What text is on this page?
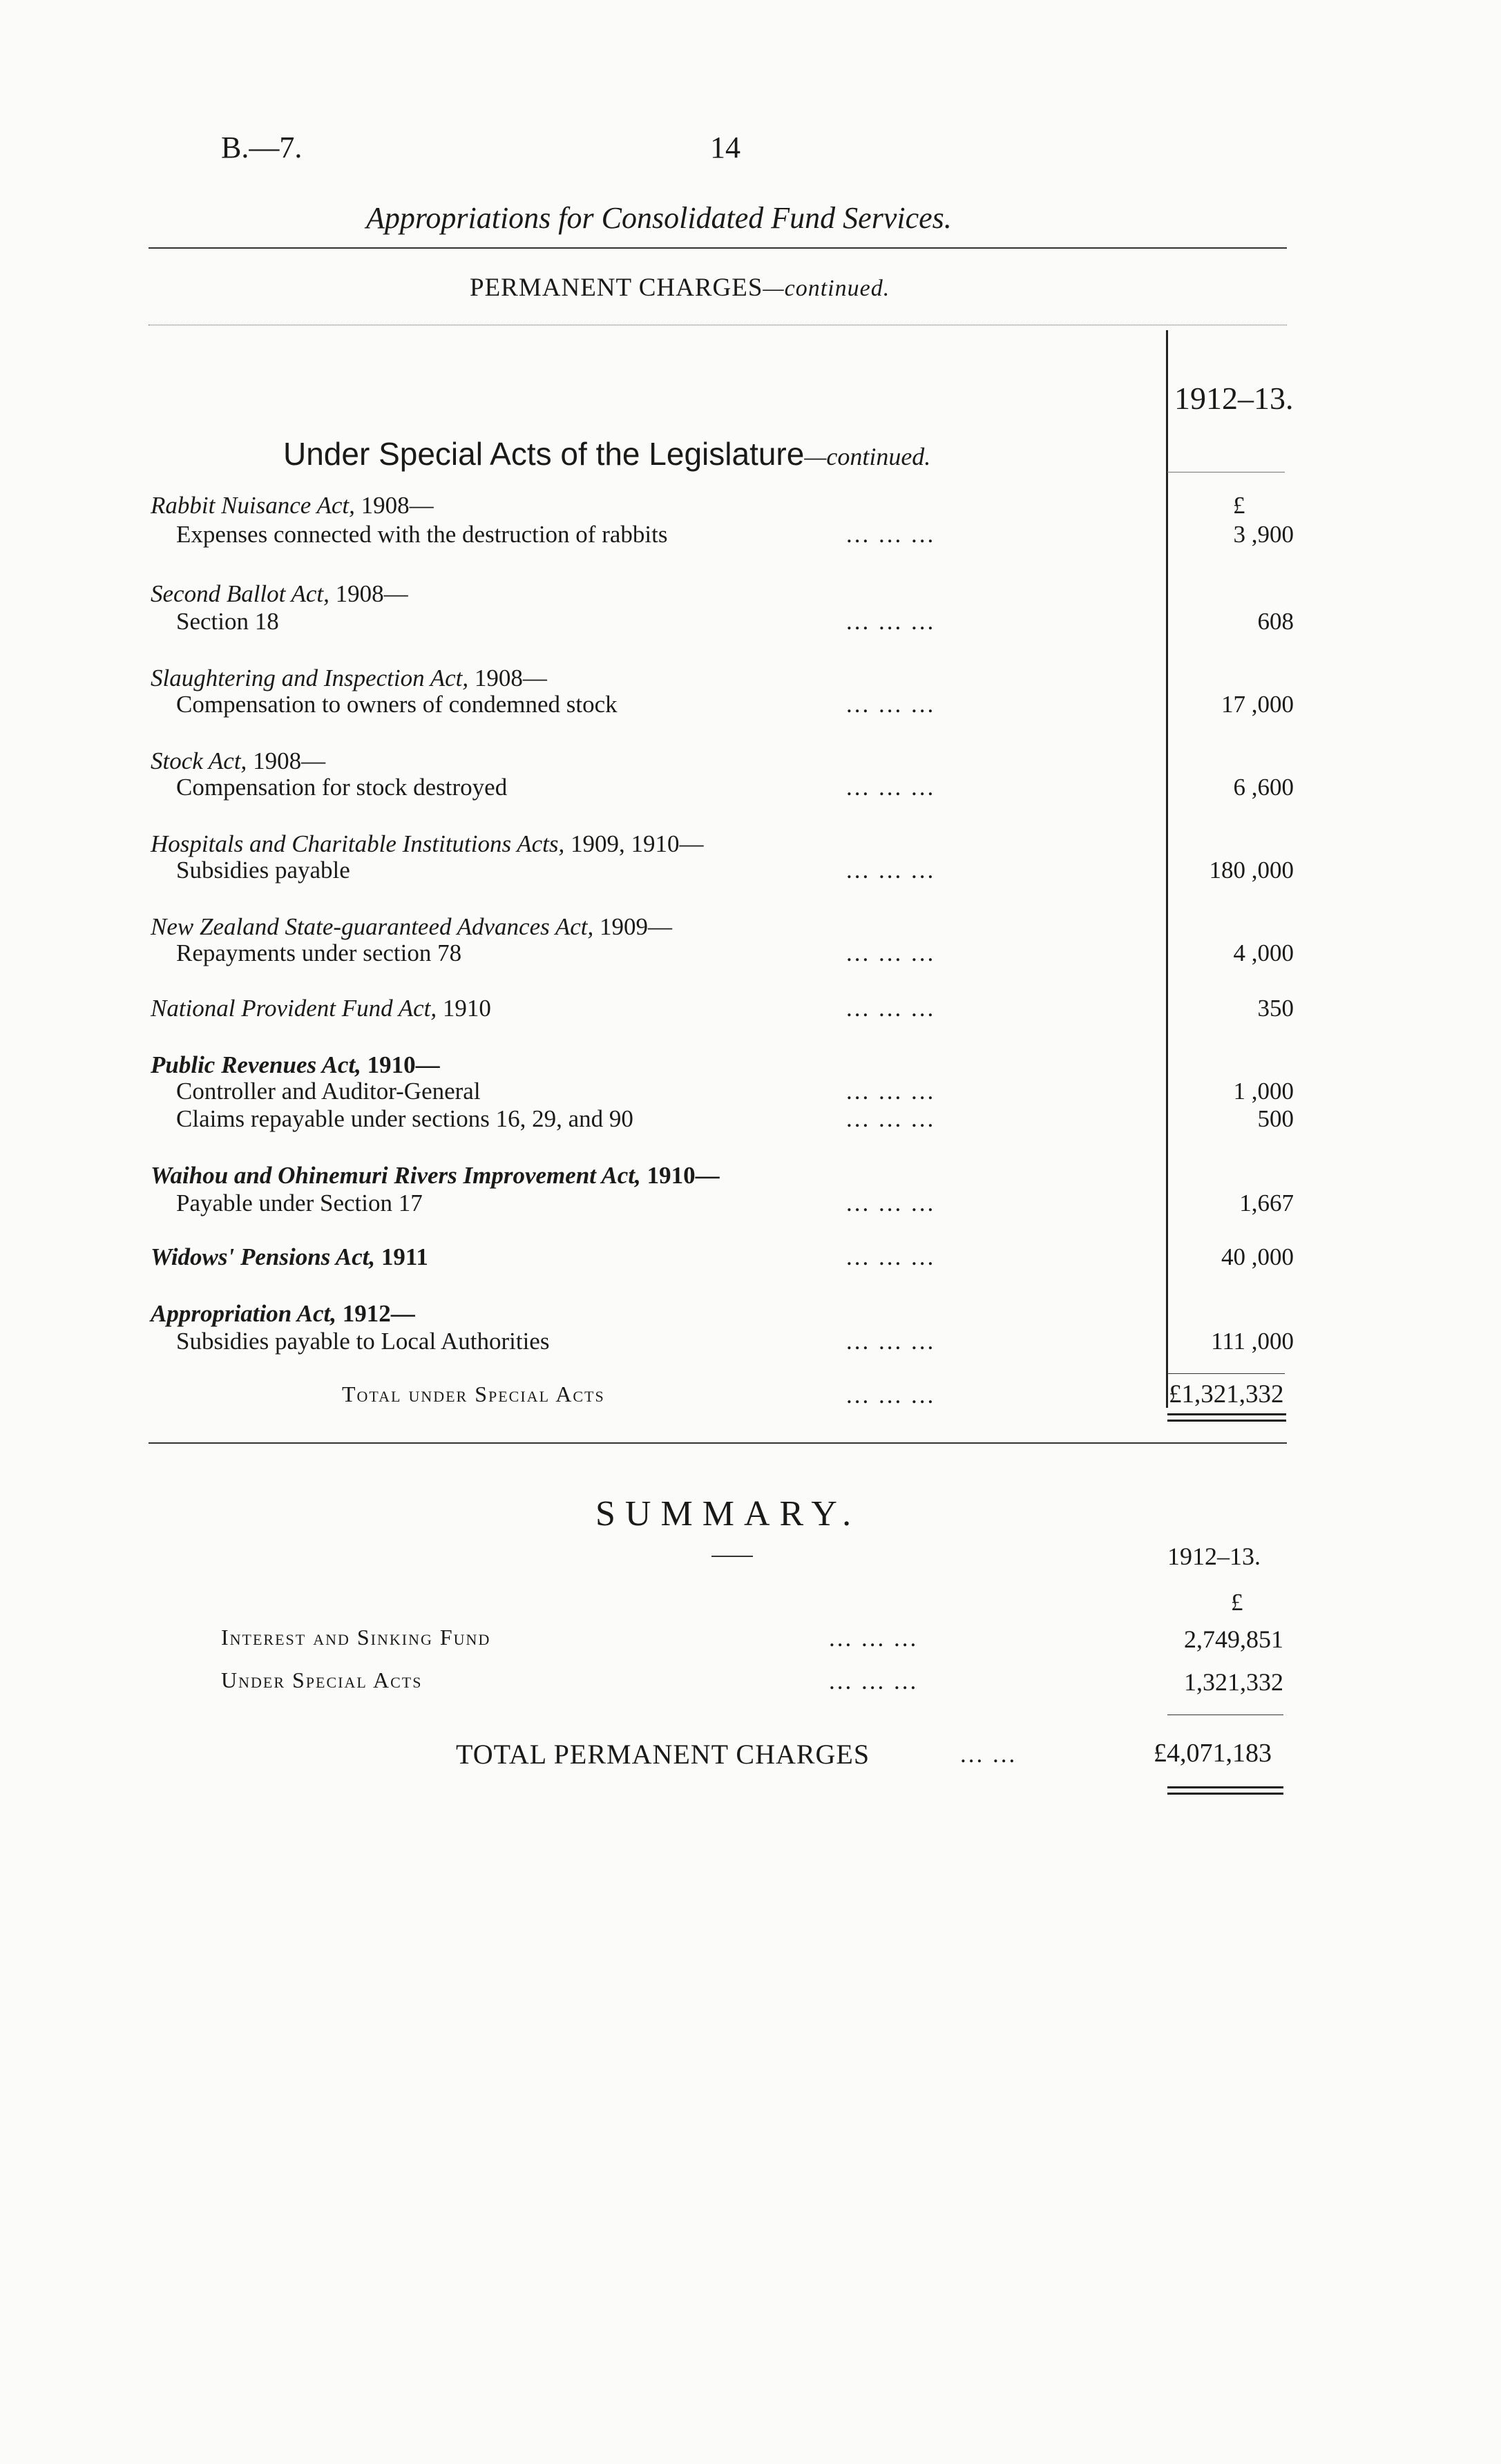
B.—7.	14
Appropriations for Consolidated Fund Services.
PERMANENT CHARGES—continued.
1912–13.
Under Special Acts of the Legislature—continued.
£
Rabbit Nuisance Act, 1908—
Expenses connected with the destruction of rabbits	... ... ...	3 ,900
Second Ballot Act, 1908—
Section 18	... ... ...	608
Slaughtering and Inspection Act, 1908—
Compensation to owners of condemned stock	... ... ...	17 ,000
Stock Act, 1908—
Compensation for stock destroyed	... ... ...	6 ,600
Hospitals and Charitable Institutions Acts, 1909, 1910—
Subsidies payable	... ... ...	180 ,000
New Zealand State-guaranteed Advances Act, 1909—
Repayments under section 78	... ... ...	4 ,000
National Provident Fund Act, 1910	... ... ...	350
Public Revenues Act, 1910—
Controller and Auditor-General	... ... ...	1 ,000
Claims repayable under sections 16, 29, and 90	... ... ...	500
Waihou and Ohinemuri Rivers Improvement Act, 1910—
Payable under Section 17	... ... ...	1,667
Widows' Pensions Act, 1911	... ... ...	40 ,000
Appropriation Act, 1912—
Subsidies payable to Local Authorities	... ... ...	111 ,000
Total under Special Acts	... ... ...	£1,321,332
SUMMARY.
1912–13.
£
Interest and Sinking Fund	... ... ...	2,749,851
Under Special Acts	... ... ...	1,321,332
TOTAL PERMANENT CHARGES	... ...	£4,071,183
